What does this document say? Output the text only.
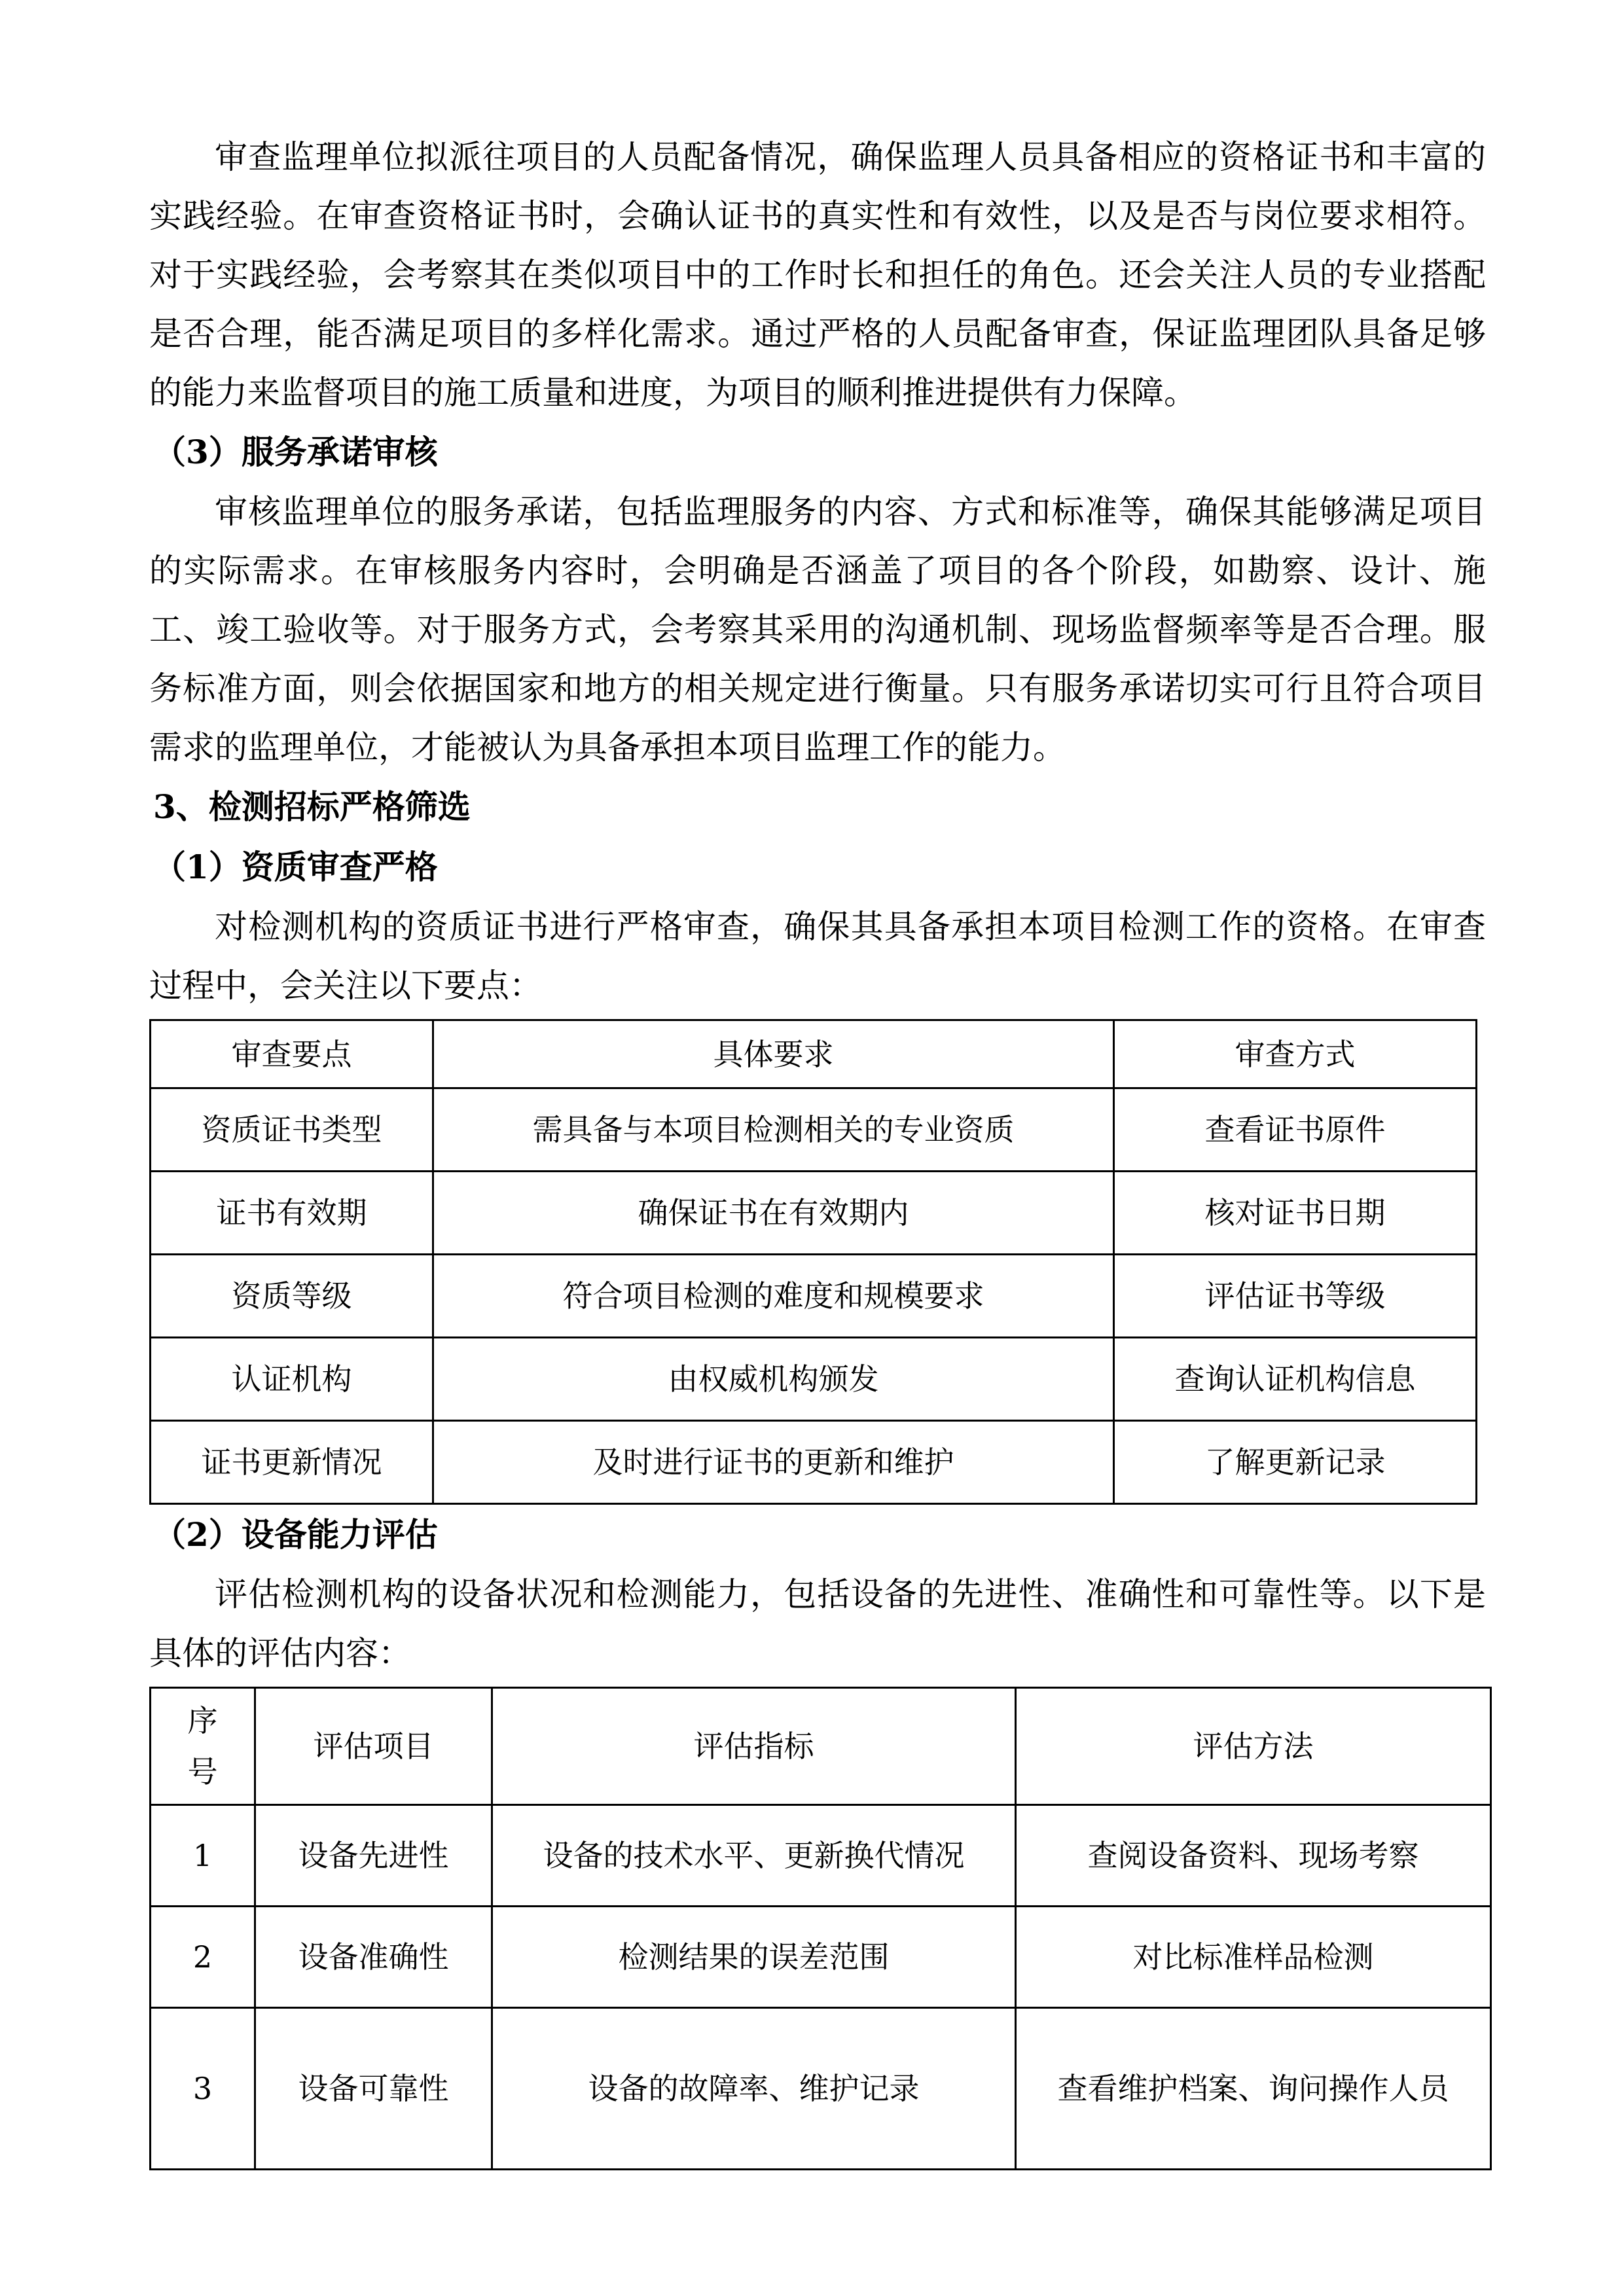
审查监理单位拟派往项目的人员配备情况，确保监理人员具备相应的资格证书和丰富的实践经验。在审查资格证书时，会确认证书的真实性和有效性，以及是否与岗位要求相符。对于实践经验，会考察其在类似项目中的工作时长和担任的角色。还会关注人员的专业搭配是否合理，能否满足项目的多样化需求。通过严格的人员配备审查，保证监理团队具备足够的能力来监督项目的施工质量和进度，为项目的顺利推进提供有力保障。

（3）服务承诺审核

审核监理单位的服务承诺，包括监理服务的内容、方式和标准等，确保其能够满足项目的实际需求。在审核服务内容时，会明确是否涵盖了项目的各个阶段，如勘察、设计、施工、竣工验收等。对于服务方式，会考察其采用的沟通机制、现场监督频率等是否合理。服务标准方面，则会依据国家和地方的相关规定进行衡量。只有服务承诺切实可行且符合项目需求的监理单位，才能被认为具备承担本项目监理工作的能力。

3、检测招标严格筛选
（1）资质审查严格

对检测机构的资质证书进行严格审查，确保其具备承担本项目检测工作的资格。在审查过程中，会关注以下要点：

审查要点	具体要求	审查方式
资质证书类型	需具备与本项目检测相关的专业资质	查看证书原件
证书有效期	确保证书在有效期内	核对证书日期
资质等级	符合项目检测的难度和规模要求	评估证书等级
认证机构	由权威机构颁发	查询认证机构信息
证书更新情况	及时进行证书的更新和维护	了解更新记录
（2）设备能力评估

评估检测机构的设备状况和检测能力，包括设备的先进性、准确性和可靠性等。以下是具体的评估内容：

序
号	评估项目	评估指标	评估方法
1	设备先进性	设备的技术水平、更新换代情况	查阅设备资料、现场考察
2	设备准确性	检测结果的误差范围	对比标准样品检测
3	设备可靠性	设备的故障率、维护记录	查看维护档案、询问操作人员
